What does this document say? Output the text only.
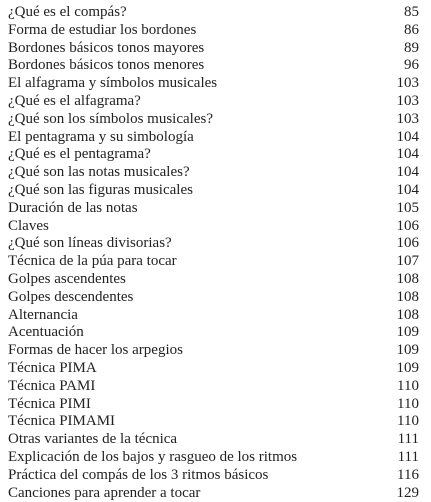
¿Qué es el compás?	85
Forma de estudiar los bordones	86
Bordones básicos tonos mayores	89
Bordones básicos tonos menores	96
El alfagrama y símbolos musicales	103
¿Qué es el alfagrama?	103
¿Qué son los símbolos musicales?	103
El pentagrama y su simbología	104
¿Qué es el pentagrama?	104
¿Qué son las notas musicales?	104
¿Qué son las figuras musicales	104
Duración de las notas	105
Claves	106
¿Qué son líneas divisorias?	106
Técnica de la púa para tocar	107
Golpes ascendentes	108
Golpes descendentes	108
Alternancia	108
Acentuación	109
Formas de hacer los arpegios	109
Técnica PIMA	109
Técnica PAMI	110
Técnica PIMI	110
Técnica PIMAMI	110
Otras variantes de la técnica	111
Explicación de los bajos y rasgueo de los ritmos	111
Práctica del compás de los 3 ritmos básicos	116
Canciones para aprender a tocar	129
